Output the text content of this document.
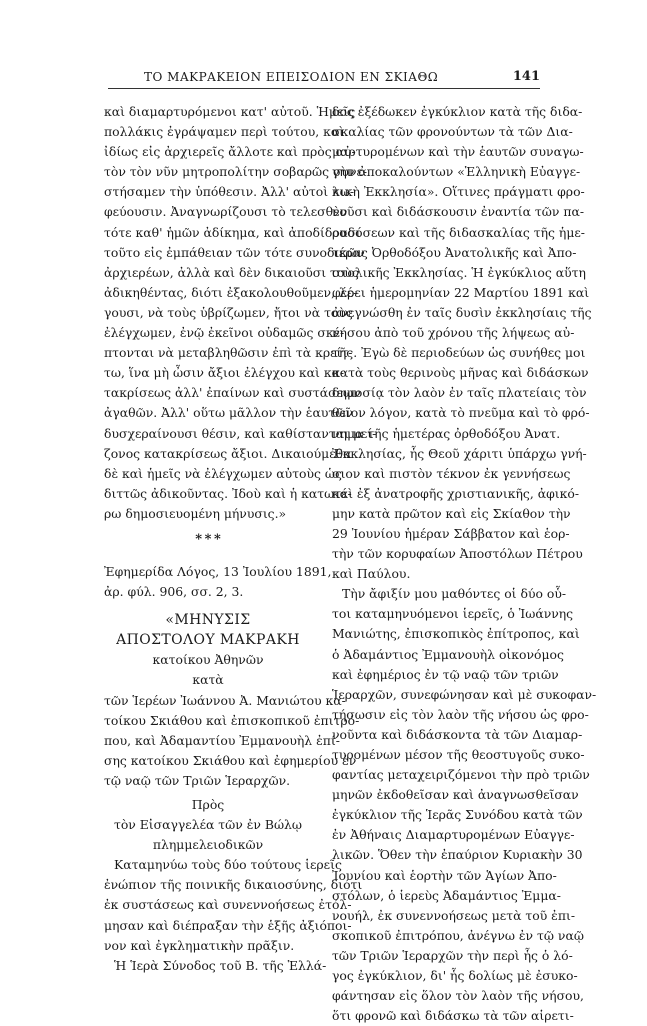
ΤΟ ΜΑΚΡΑΚΕΙΟΝ ΕΠΕΙΣΟΔΙΟΝ ΕΝ ΣΚΙΑΘΩ	141
καὶ διαμαρτυρόμενοι κατ' αὐτοῦ. Ἡμεῖς
πολλάκις ἐγράψαμεν περὶ τούτου, καὶ
ἰδίως εἰς ἀρχιερεῖς ἄλλοτε καὶ πρὸς αὐ-
τὸν τὸν νῦν μητροπολίτην σοβαρῶς συνε-
στήσαμεν τὴν ὑπόθεσιν. Ἀλλ' αὐτοὶ κω-
φεύουσιν. Ἀναγνωρίζουσι τὸ τελεσθὲν
τότε καθ' ἡμῶν ἀδίκημα, καὶ ἀποδίδουσι
τοῦτο εἰς ἐμπάθειαν τῶν τότε συνοδικῶν
ἀρχιερέων, ἀλλὰ καὶ δὲν δικαιοῦσι τοὺς
ἀδικηθέντας, διότι ἐξακολουθοῦμεν, λέ-
γουσι, νὰ τοὺς ὑβρίζωμεν, ἤτοι νὰ τοὺς
ἐλέγχωμεν, ἐνῷ ἐκεῖνοι οὐδαμῶς σκέ-
πτονται νὰ μεταβληθῶσιν ἐπὶ τὰ κρείτ-
τω, ἵνα μὴ ὦσιν ἄξιοι ἐλέγχου καὶ κα-
τακρίσεως ἀλλ' ἐπαίνων καὶ συστάσεων
ἀγαθῶν. Ἀλλ' οὕτω μᾶλλον τὴν ἑαυτῶν
δυσχεραίνουσι θέσιν, καὶ καθίστανται μεί-
ζονος κατακρίσεως ἄξιοι. Δικαιούμεθα
δὲ καὶ ἡμεῖς νὰ ἐλέγχωμεν αὐτοὺς ὡς
διττῶς ἀδικοῦντας. Ἰδοὺ καὶ ἡ κατωτέ-
ρω δημοσιευομένη μήνυσις.»
* * *
Ἐφημερίδα Λόγος, 13 Ἰουλίου 1891,
ἀρ. φύλ. 906, σσ. 2, 3.
«ΜΗΝΥΣΙΣ
ΑΠΟΣΤΟΛΟΥ ΜΑΚΡΑΚΗ
κατοίκου Ἀθηνῶν
κατὰ
τῶν Ἱερέων Ἰωάννου Ἀ. Μανιώτου κα-
τοίκου Σκιάθου καὶ ἐπισκοπικοῦ ἐπιτρό-
που, καὶ Ἀδαμαντίου Ἐμμανουὴλ ἐπί-
σης κατοίκου Σκιάθου καὶ ἐφημερίου ἐν
τῷ ναῷ τῶν Τριῶν Ἱεραρχῶν.
Πρὸς
τὸν Εἰσαγγελέα τῶν ἐν Βώλῳ
πλημμελειοδικῶν
Καταμηνύω τοὺς δύο τούτους ἱερεῖς
ἐνώπιον τῆς ποινικῆς δικαιοσύνης, διότι
ἐκ συστάσεως καὶ συνεννοήσεως ἐτόλ-
μησαν καὶ διέπραξαν τὴν ἑξῆς ἀξιόποι-
νον καὶ ἐγκληματικὴν πρᾶξιν.
Ἡ Ἱερὰ Σύνοδος τοῦ Β. τῆς Ἑλλά-
δος ἐξέδωκεν ἐγκύκλιον κατὰ τῆς διδα-
σκαλίας τῶν φρονούντων τὰ τῶν Δια-
μαρτυρομένων καὶ τὴν ἑαυτῶν συναγω-
γὴν ἀποκαλούντων «Ἑλληνικὴ Εὐαγγε-
λικὴ Ἐκκλησία». Οἵτινες πράγματι φρο-
νοῦσι καὶ διδάσκουσιν ἐναντία τῶν πα-
ραδόσεων καὶ τῆς διδασκαλίας τῆς ἡμε-
τέρας Ὀρθοδόξου Ἀνατολικῆς καὶ Ἀπο-
στολικῆς Ἐκκλησίας. Ἡ ἐγκύκλιος αὕτη
φέρει ἡμερομηνίαν 22 Μαρτίου 1891 καὶ
ἀνεγνώσθη ἐν ταῖς δυσὶν ἐκκλησίαις τῆς
νήσου ἀπὸ τοῦ χρόνου τῆς λήψεως αὐ-
τῆς. Ἐγὼ δὲ περιοδεύων ὡς συνήθες μοι
κατὰ τοὺς θερινοὺς μῆνας καὶ διδάσκων
δημοσίᾳ τὸν λαὸν ἐν ταῖς πλατείαις τὸν
θεῖον λόγον, κατὰ τὸ πνεῦμα καὶ τὸ φρό-
νημα τῆς ἡμετέρας ὀρθοδόξου Ἀνατ.
Ἐκκλησίας, ἧς Θεοῦ χάριτι ὑπάρχω γνή-
σιον καὶ πιστὸν τέκνον ἐκ γεννήσεως
καὶ ἐξ ἀνατροφῆς χριστιανικῆς, ἀφικό-
μην κατὰ πρῶτον καὶ εἰς Σκίαθον τὴν
29 Ἰουνίου ἡμέραν Σάββατον καὶ ἑορ-
τὴν τῶν κορυφαίων Ἀποστόλων Πέτρου
καὶ Παύλου.
Τὴν ἄφιξίν μου μαθόντες οἱ δύο οὗ-
τοι καταμηνυόμενοι ἱερεῖς, ὁ Ἰωάννης
Μανιώτης, ἐπισκοπικὸς ἐπίτροπος, καὶ
ὁ Ἀδαμάντιος Ἐμμανουὴλ οἰκονόμος
καὶ ἐφημέριος ἐν τῷ ναῷ τῶν τριῶν
Ἱεραρχῶν, συνεφώνησαν καὶ μὲ συκοφαν-
τήσωσιν εἰς τὸν λαὸν τῆς νήσου ὡς φρο-
νοῦντα καὶ διδάσκοντα τὰ τῶν Διαμαρ-
τυρομένων μέσον τῆς θεοστυγοῦς συκο-
φαντίας μεταχειριζόμενοι τὴν πρὸ τριῶν
μηνῶν ἐκδοθεῖσαν καὶ ἀναγνωσθεῖσαν
ἐγκύκλιον τῆς Ἱερᾶς Συνόδου κατὰ τῶν
ἐν Ἀθήναις Διαμαρτυρομένων Εὐαγγε-
λικῶν. Ὅθεν τὴν ἐπαύριον Κυριακὴν 30
Ἰουνίου καὶ ἑορτὴν τῶν Ἁγίων Ἀπο-
στόλων, ὁ ἱερεὺς Ἀδαμάντιος Ἐμμα-
νουήλ, ἐκ συνεννοήσεως μετὰ τοῦ ἐπι-
σκοπικοῦ ἐπιτρόπου, ἀνέγνω ἐν τῷ ναῷ
τῶν Τριῶν Ἱεραρχῶν τὴν περὶ ἧς ὁ λό-
γος ἐγκύκλιον, δι' ἧς δολίως μὲ ἐσυκο-
φάντησαν εἰς ὅλον τὸν λαὸν τῆς νήσου,
ὅτι φρονῶ καὶ διδάσκω τὰ τῶν αἱρετι-
